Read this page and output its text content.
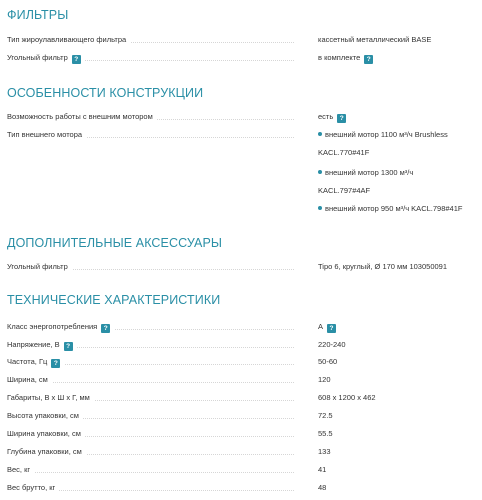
ФИЛЬТРЫ
Тип жироулавливающего фильтра	кассетный металлический BASE
Угольный фильтр ?	в комплекте ?
ОСОБЕННОСТИ КОНСТРУКЦИИ
Возможность работы с внешним мотором	есть ?
Тип внешнего мотора	внешний мотор 1100 м³/ч Brushless
KACL.770#41F
внешний мотор 1300 м³/ч
KACL.797#4AF
внешний мотор 950 м³/ч KACL.798#41F
ДОПОЛНИТЕЛЬНЫЕ АКСЕССУАРЫ
Угольный фильтр	Tipo 6, круглый, Ø 170 мм 103050091
ТЕХНИЧЕСКИЕ ХАРАКТЕРИСТИКИ
Класс энергопотребления ?	A ?
Напряжение, В ?	220-240
Частота, Гц ?	50-60
Ширина, см	120
Габариты, В х Ш х Г, мм	608 х 1200 х 462
Высота упаковки, см	72.5
Ширина упаковки, см	55.5
Глубина упаковки, см	133
Вес, кг	41
Вес брутто, кг	48
